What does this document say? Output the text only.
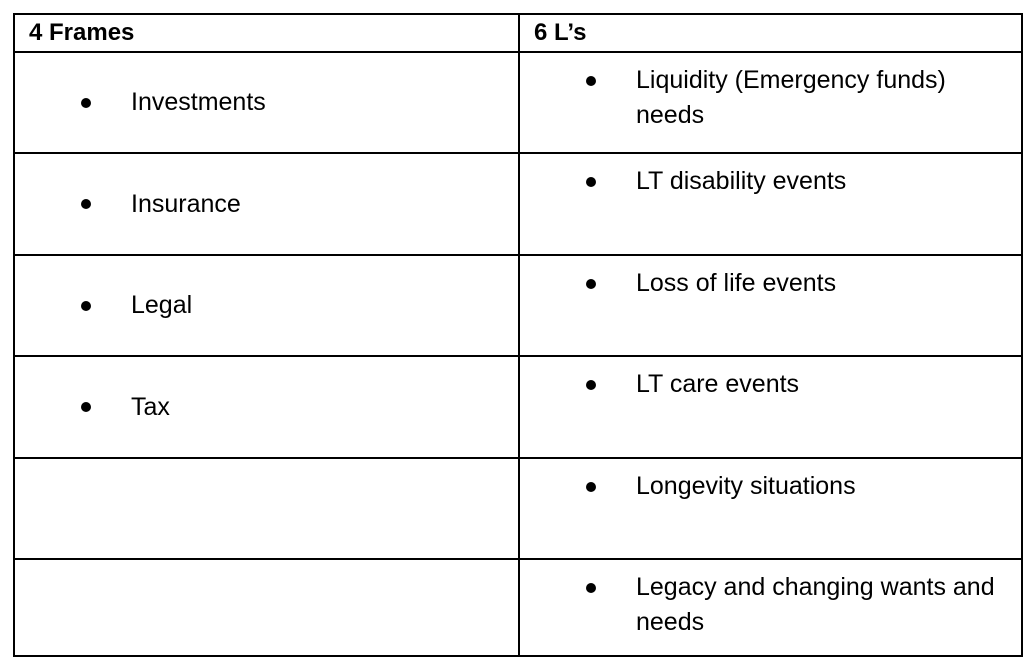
4 Frames	6 L’s
Investments
Liquidity (Emergency funds) needs
Insurance
LT disability events
Legal
Loss of life events
Tax
LT care events
Longevity situations
Legacy and changing wants and needs
